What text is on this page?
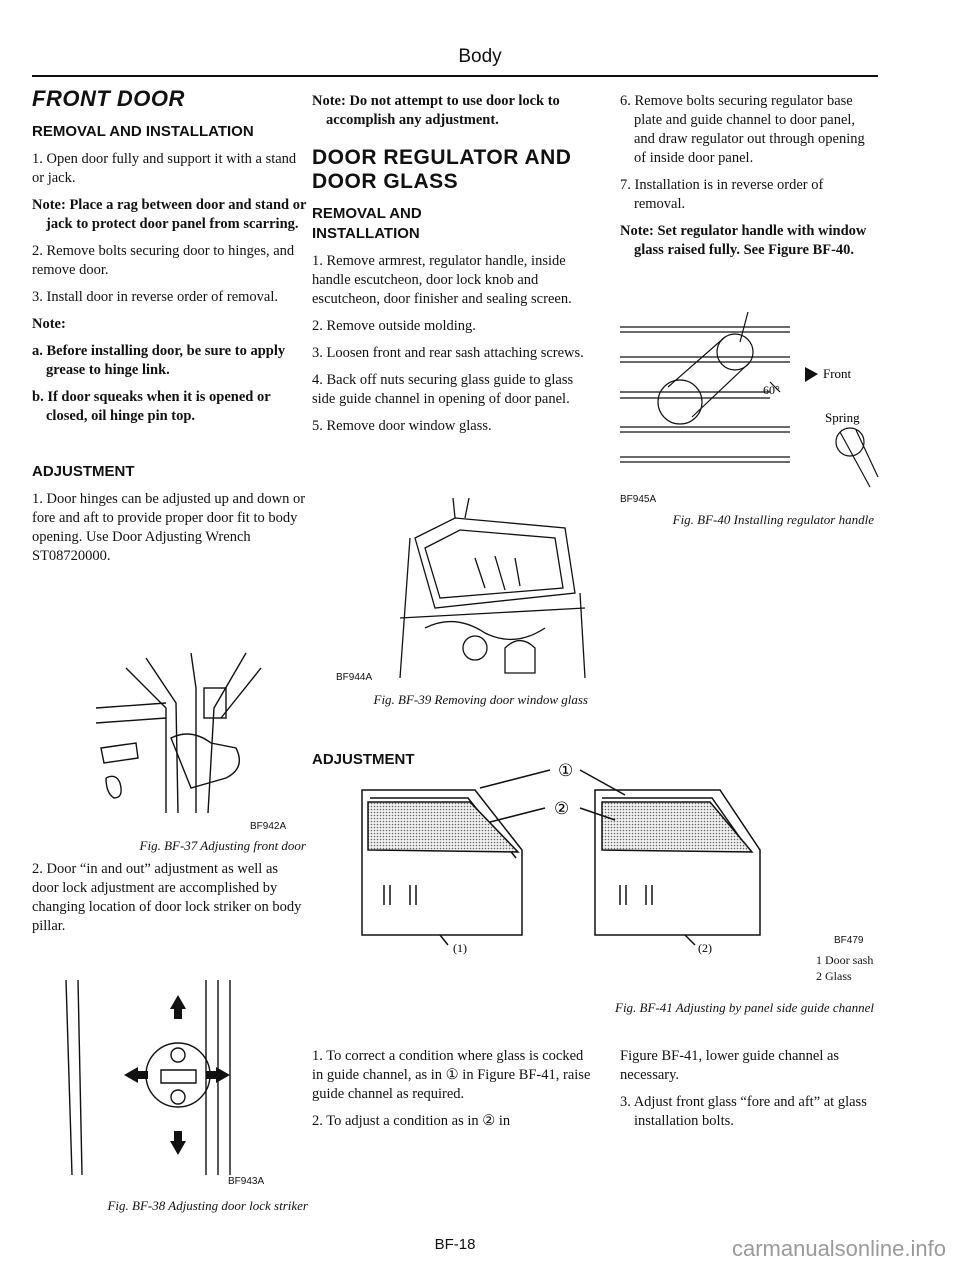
Body
FRONT DOOR
REMOVAL AND INSTALLATION

1. Open door fully and support it with a stand or jack.

Note: Place a rag between door and stand or jack to protect door panel from scarring.

2. Remove bolts securing door to hinges, and remove door.

3. Install door in reverse order of removal.

Note:

a. Before installing door, be sure to apply grease to hinge link.

b. If door squeaks when it is opened or closed, oil hinge pin top.

ADJUSTMENT

1. Door hinges can be adjusted up and down or fore and aft to provide proper door fit to body opening. Use Door Adjusting Wrench ST08720000.

BF942A
Fig. BF-37 Adjusting front door

2. Door “in and out” adjustment as well as door lock adjustment are accomplished by changing location of door lock striker on body pillar.

BF943A
Fig. BF-38 Adjusting door lock striker

Note: Do not attempt to use door lock to accomplish any adjustment.

DOOR REGULATOR AND DOOR GLASS
REMOVAL AND INSTALLATION

1. Remove armrest, regulator handle, inside handle escutcheon, door lock knob and escutcheon, door finisher and sealing screen.

2. Remove outside molding.

3. Loosen front and rear sash attaching screws.

4. Back off nuts securing glass guide to glass side guide channel in opening of door panel.

5. Remove door window glass.

BF944A
Fig. BF-39 Removing door window glass
ADJUSTMENT

6. Remove bolts securing regulator base plate and guide channel to door panel, and draw regulator out through opening of inside door panel.

7. Installation is in reverse order of removal.

Note: Set regulator handle with window glass raised fully. See Figure BF-40.

60°
Front
Spring
BF945A
Fig. BF-40 Installing regulator handle
①
②
(1)	(2)
BF479
1 Door sash
2 Glass
Fig. BF-41 Adjusting by panel side guide channel

1. To correct a condition where glass is cocked in guide channel, as in ① in Figure BF-41, raise guide channel as required.

2. To adjust a condition as in ② in

Figure BF-41, lower guide channel as necessary.

3. Adjust front glass “fore and aft” at glass installation bolts.

BF-18	carmanualsonline.info
